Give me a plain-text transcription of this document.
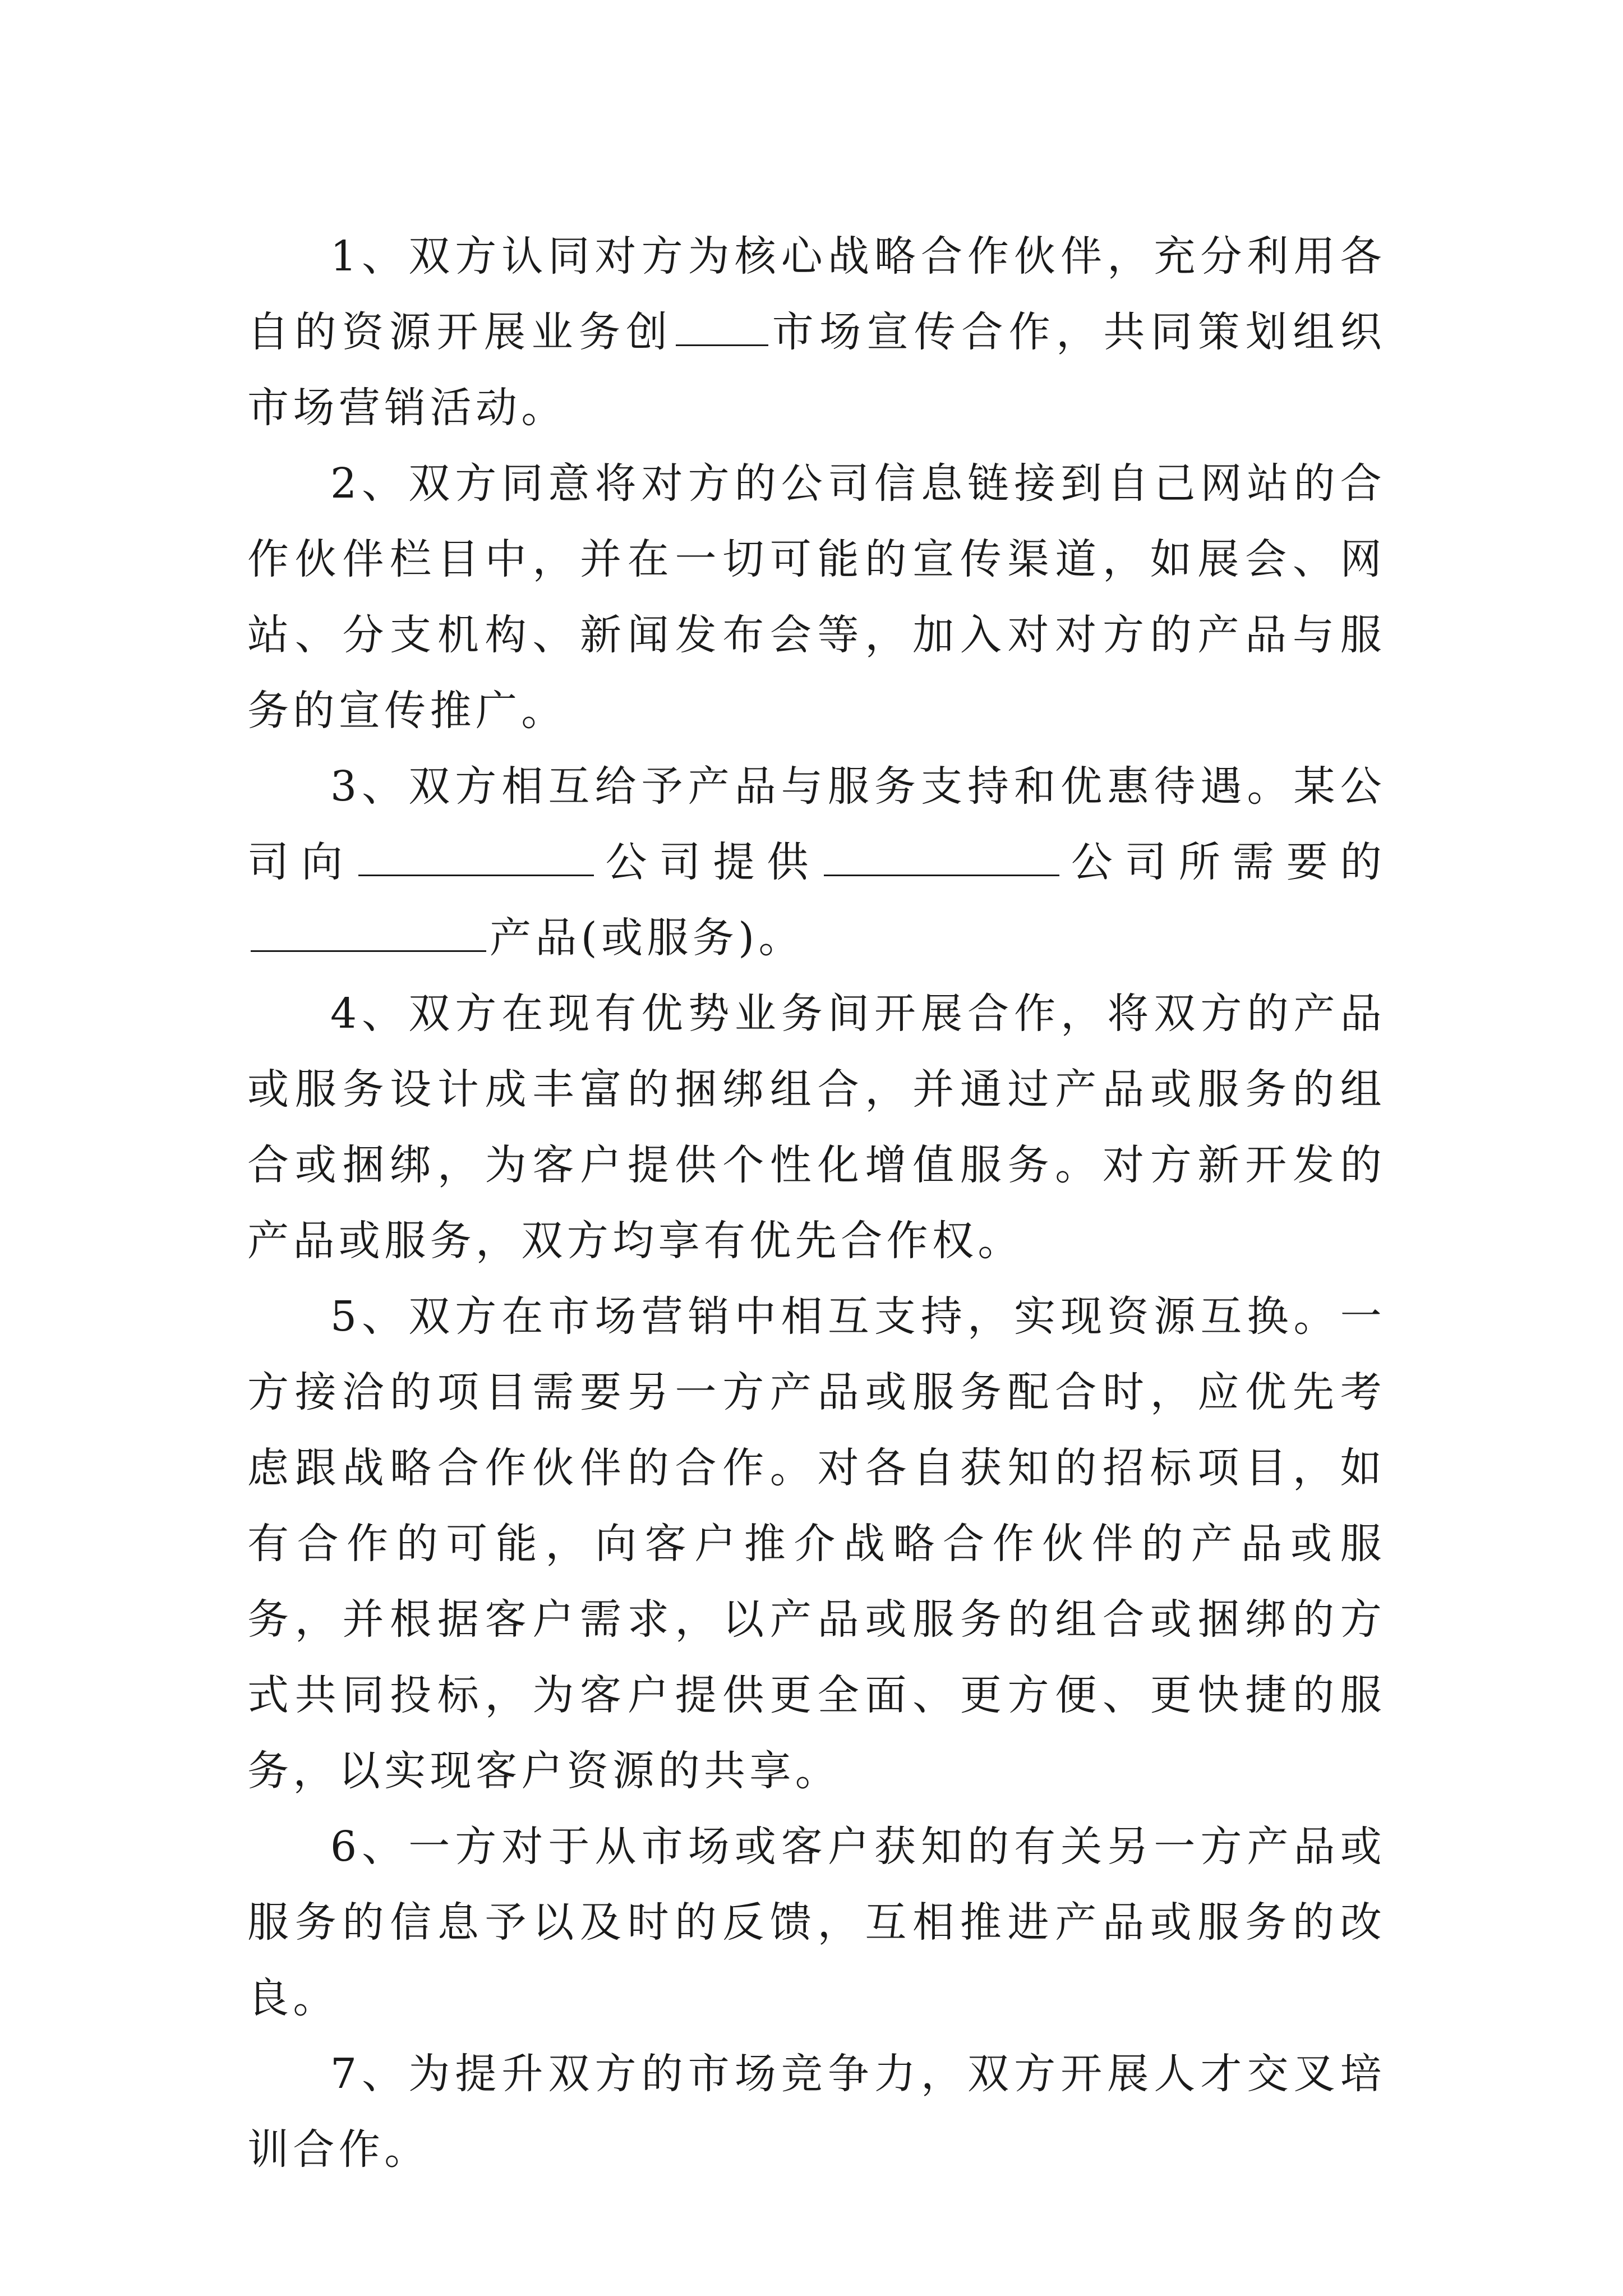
1、双方认同对方为核心战略合作伙伴，充分利用各自的资源开展业务创 市场宣传合作，共同策划组织市场营销活动。

2、双方同意将对方的公司信息链接到自己网站的合作伙伴栏目中，并在一切可能的宣传渠道，如展会、网站、分支机构、新闻发布会等，加入对对方的产品与服务的宣传推广。

3、双方相互给予产品与服务支持和优惠待遇。某公司向	公司提供	公司所需要的产品(或服务)。

4、双方在现有优势业务间开展合作，将双方的产品或服务设计成丰富的捆绑组合，并通过产品或服务的组合或捆绑，为客户提供个性化增值服务。对方新开发的产品或服务，双方均享有优先合作权。

5、双方在市场营销中相互支持，实现资源互换。一方接洽的项目需要另一方产品或服务配合时，应优先考虑跟战略合作伙伴的合作。对各自获知的招标项目，如有合作的可能，向客户推介战略合作伙伴的产品或服务，并根据客户需求，以产品或服务的组合或捆绑的方式共同投标，为客户提供更全面、更方便、更快捷的服务，以实现客户资源的共享。

6、一方对于从市场或客户获知的有关另一方产品或服务的信息予以及时的反馈，互相推进产品或服务的改良。

7、为提升双方的市场竞争力，双方开展人才交叉培训合作。
